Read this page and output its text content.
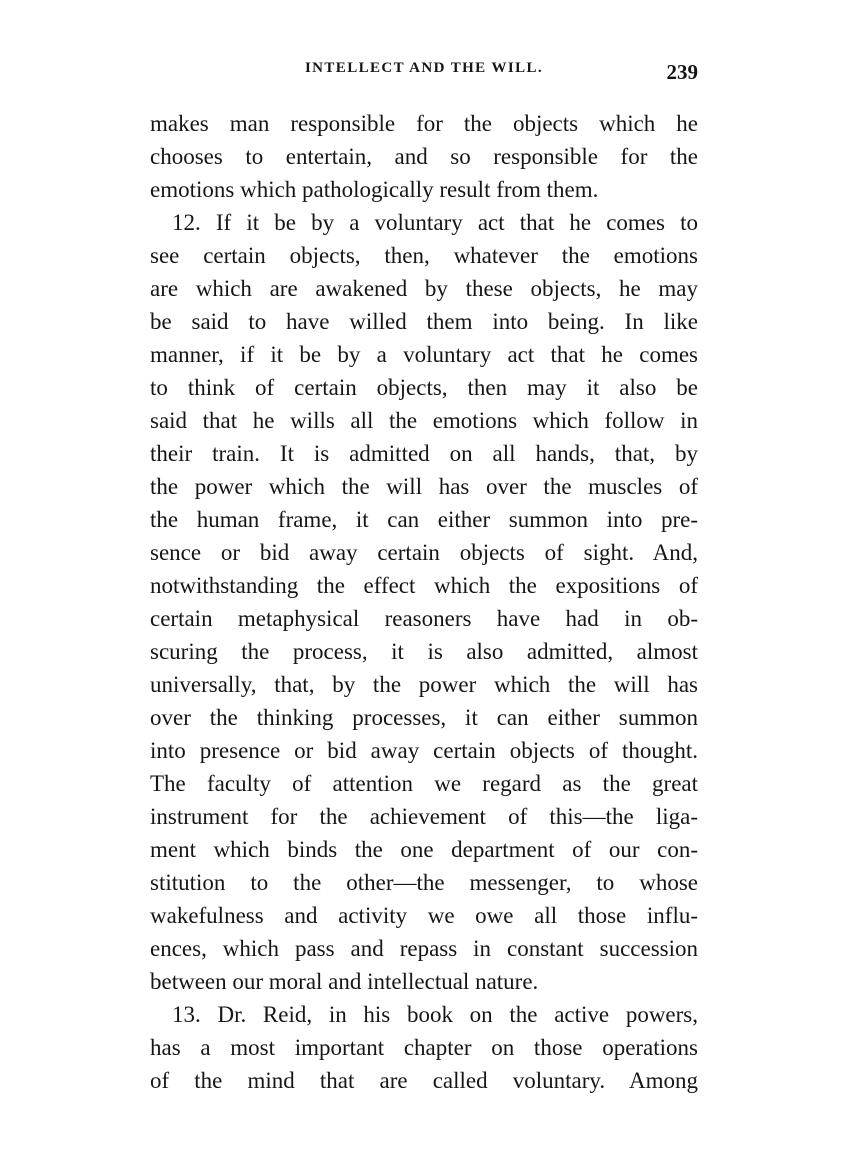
INTELLECT AND THE WILL.	239
makes man responsible for the objects which he
chooses to entertain, and so responsible for the
emotions which pathologically result from them.
12. If it be by a voluntary act that he comes to
see certain objects, then, whatever the emotions
are which are awakened by these objects, he may
be said to have willed them into being. In like
manner, if it be by a voluntary act that he comes
to think of certain objects, then may it also be
said that he wills all the emotions which follow in
their train. It is admitted on all hands, that, by
the power which the will has over the muscles of
the human frame, it can either summon into pre-
sence or bid away certain objects of sight. And,
notwithstanding the effect which the expositions of
certain metaphysical reasoners have had in ob-
scuring the process, it is also admitted, almost
universally, that, by the power which the will has
over the thinking processes, it can either summon
into presence or bid away certain objects of thought.
The faculty of attention we regard as the great
instrument for the achievement of this—the liga-
ment which binds the one department of our con-
stitution to the other—the messenger, to whose
wakefulness and activity we owe all those influ-
ences, which pass and repass in constant succession
between our moral and intellectual nature.
13. Dr. Reid, in his book on the active powers,
has a most important chapter on those operations
of the mind that are called voluntary. Among
